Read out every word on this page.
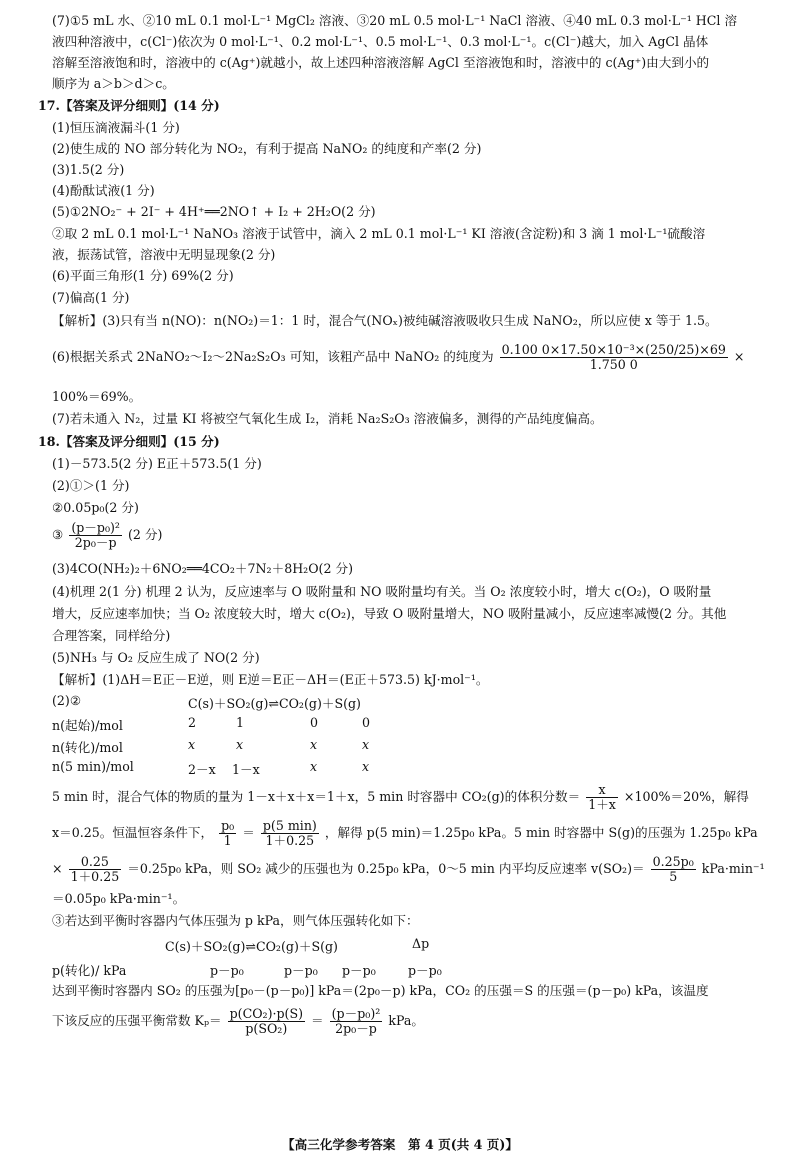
(7)①5 mL 水、②10 mL 0.1 mol·L⁻¹ MgCl₂ 溶液、③20 mL 0.5 mol·L⁻¹ NaCl 溶液、④40 mL 0.3 mol·L⁻¹ HCl 溶
液四种溶液中，c(Cl⁻)依次为 0 mol·L⁻¹、0.2 mol·L⁻¹、0.5 mol·L⁻¹、0.3 mol·L⁻¹。c(Cl⁻)越大，加入 AgCl 晶体
溶解至溶液饱和时，溶液中的 c(Ag⁺)就越小，故上述四种溶液溶解 AgCl 至溶液饱和时，溶液中的 c(Ag⁺)由大到小的
顺序为 a＞b＞d＞c。
17.【答案及评分细则】(14 分)
(1)恒压滴液漏斗(1 分)
(2)使生成的 NO 部分转化为 NO₂，有利于提高 NaNO₂ 的纯度和产率(2 分)
(3)1.5(2 分)
(4)酚酞试液(1 分)
(5)①2NO₂⁻ + 2I⁻ + 4H⁺══2NO↑ + I₂ + 2H₂O(2 分)
②取 2 mL 0.1 mol·L⁻¹ NaNO₃ 溶液于试管中，滴入 2 mL 0.1 mol·L⁻¹ KI 溶液(含淀粉)和 3 滴 1 mol·L⁻¹硫酸溶
液，振荡试管，溶液中无明显现象(2 分)
(6)平面三角形(1 分) 69%(2 分)
(7)偏高(1 分)
【解析】(3)只有当 n(NO)：n(NO₂)＝1：1 时，混合气(NOₓ)被纯碱溶液吸收只生成 NaNO₂，所以应使 x 等于 1.5。
(6)根据关系式 2NaNO₂～I₂～2Na₂S₂O₃ 可知，该粗产品中 NaNO₂ 的纯度为 $\frac{\text{0.100 0×17.50×10⁻³×(250/25)×69}}{1.750 0}$ ×
100%＝69%。
(7)若未通入 N₂，过量 KI 将被空气氧化生成 I₂，消耗 Na₂S₂O₃ 溶液偏多，测得的产品纯度偏高。
18.【答案及评分细则】(15 分)
(1)－573.5(2 分) E正＋573.5(1 分)
(2)①＞(1 分)
②0.05p₀(2 分)
③ $\frac{\text{(p－p₀)²}}{\text{2p₀－p}} (2$ 分)
(3)4CO(NH₂)₂＋6NO₂══4CO₂＋7N₂＋8H₂O(2 分)
(4)机理 2(1 分) 机理 2 认为，反应速率与 O 吸附量和 NO 吸附量均有关。当 O₂ 浓度较小时，增大 c(O₂)，O 吸附量
增大，反应速率加快；当 O₂ 浓度较大时，增大 c(O₂)，导致 O 吸附量增大，NO 吸附量减小，反应速率减慢(2 分。其他
合理答案，同样给分)
(5)NH₃ 与 O₂ 反应生成了 NO(2 分)
【解析】(1)ΔH＝E正－E逆，则 E逆＝E正－ΔH＝(E正＋573.5) kJ·mol⁻¹。
(2)②	C(s)＋SO₂(g)⇌CO₂(g)＋S(g)
n(起始)/mol	2	1	0	0
n(转化)/mol	x	x	x	x
n(5 min)/mol	2－x 1－x	x	x
5 min 时，混合气体的物质的量为 1－x＋x＋x＝1＋x，5 min 时容器中 CO₂(g)的体积分数＝ $\frac{x}{1+x} \times 100\%=20\%$，解得
x＝0.25。恒温恒容条件下， $\frac{\text{p₀}}{1} = \frac{p(5 \min)}{1+0.25}$ ，解得 p(5 min)＝1.25p₀ kPa。5 min 时容器中 S(g)的压强为 1.25p₀ kPa
× $\frac{0.25}{1+0.25} =0.25p_0$ kPa，则 SO₂ 减少的压强也为 0.25p₀ kPa，0～5 min 内平均反应速率 $v(SO_2)= \frac{\text{0.25p₀}}{5} kPa\cdot\min^{-1}$
＝0.05p₀ kPa·min⁻¹。
③若达到平衡时容器内气体压强为 p kPa，则气体压强转化如下：
C(s)＋SO₂(g)⇌CO₂(g)＋S(g)	Δp
p(转化)/ kPa	p－p₀	p－p₀ p－p₀	p－p₀
达到平衡时容器内 SO₂ 的压强为[p₀－(p－p₀)] kPa＝(2p₀－p) kPa，CO₂ 的压强＝S 的压强＝(p－p₀) kPa，该温度
下该反应的压强平衡常数 $K_p= \frac{\text{p(CO₂)·p(S)}}{\text{p(SO₂)}} = \frac{\text{(p－p₀)²}}{\text{2p₀－p}}$ kPa。
【高三化学参考答案　第 4 页(共 4 页)】
